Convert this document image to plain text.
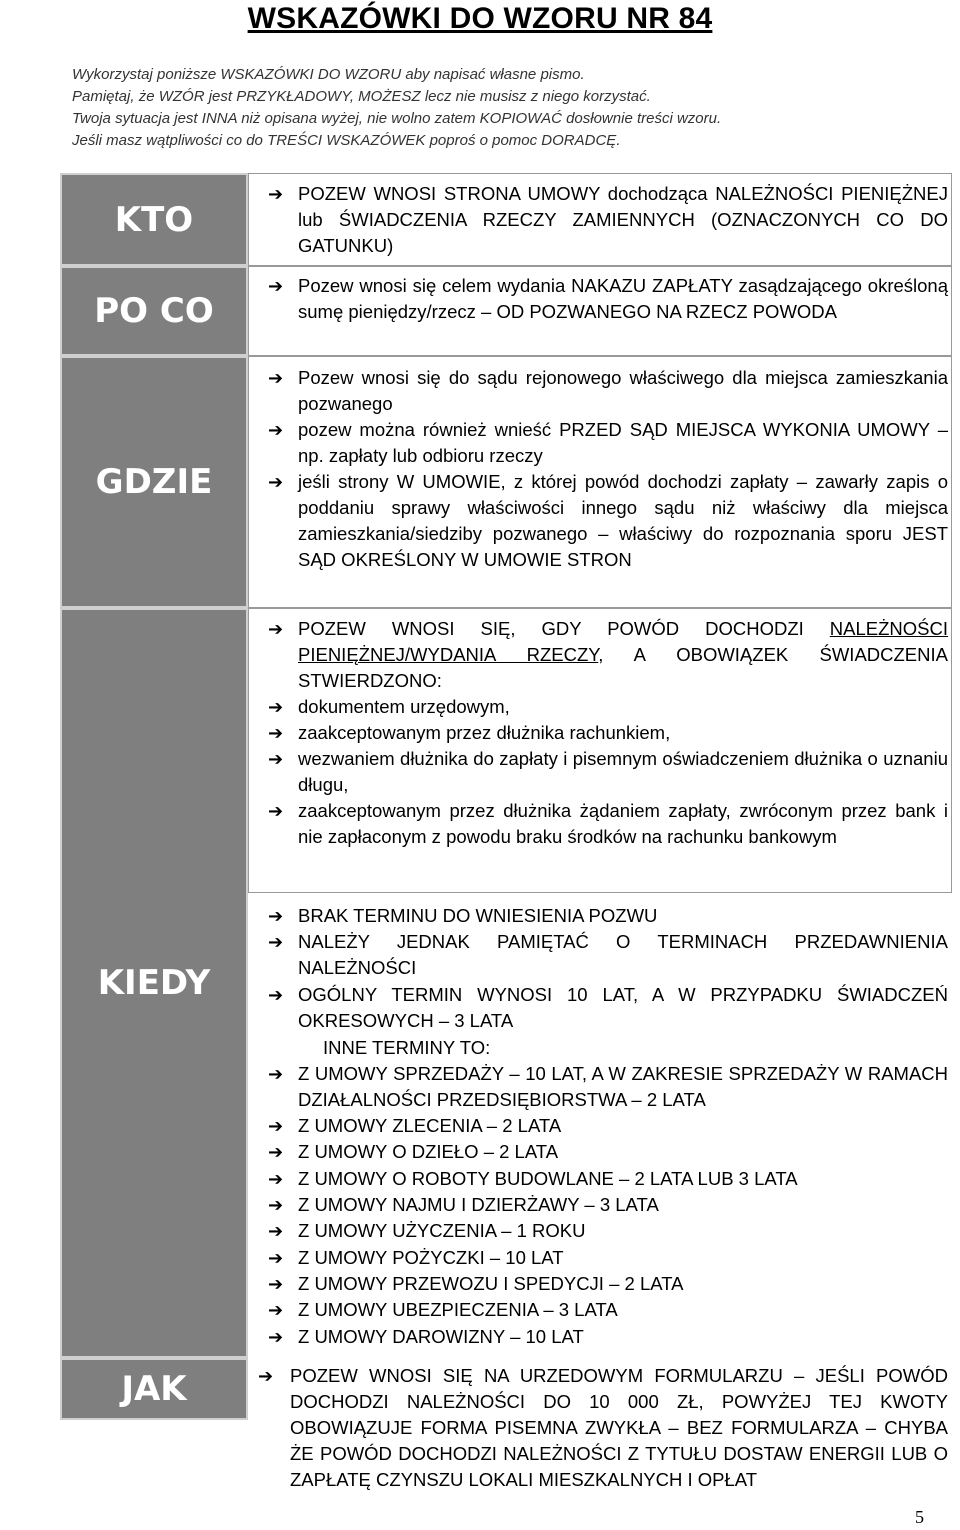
WSKAZÓWKI DO WZORU NR 84
Wykorzystaj poniższe WSKAZÓWKI DO WZORU aby napisać własne pismo.
Pamiętaj, że WZÓR jest PRZYKŁADOWY, MOŻESZ lecz nie musisz z niego korzystać.
Twoja sytuacja jest INNA niż opisana wyżej, nie wolno zatem KOPIOWAĆ dosłownie treści wzoru.
Jeśli masz wątpliwości co do TREŚCI WSKAZÓWEK poproś o pomoc DORADCĘ.
KTO
PO CO
GDZIE
KIEDY
JAK
➔ POZEW WNOSI STRONA UMOWY dochodząca NALEŻNOŚCI PIENIĘŻNEJ lub ŚWIADCZENIA RZECZY ZAMIENNYCH (OZNACZONYCH CO DO GATUNKU)
➔ Pozew wnosi się celem wydania NAKAZU ZAPŁATY zasądzającego określoną sumę pieniędzy/rzecz – OD POZWANEGO NA RZECZ POWODA
➔ Pozew wnosi się do sądu rejonowego właściwego dla miejsca zamieszkania pozwanego
➔ pozew można również wnieść PRZED SĄD MIEJSCA WYKONIA UMOWY – np. zapłaty lub odbioru rzeczy
➔ jeśli strony W UMOWIE, z której powód dochodzi zapłaty – zawarły zapis o poddaniu sprawy właściwości innego sądu niż właściwy dla miejsca zamieszkania/siedziby pozwanego – właściwy do rozpoznania sporu JEST SĄD OKREŚLONY W UMOWIE STRON
➔ POZEW WNOSI SIĘ, GDY POWÓD DOCHODZI NALEŻNOŚCI PIENIĘŻNEJ/WYDANIA RZECZY, A OBOWIĄZEK ŚWIADCZENIA STWIERDZONO:
➔ dokumentem urzędowym,
➔ zaakceptowanym przez dłużnika rachunkiem,
➔ wezwaniem dłużnika do zapłaty i pisemnym oświadczeniem dłużnika o uznaniu długu,
➔ zaakceptowanym przez dłużnika żądaniem zapłaty, zwróconym przez bank i nie zapłaconym z powodu braku środków na rachunku bankowym
➔ BRAK TERMINU DO WNIESIENIA POZWU
➔ NALEŻY JEDNAK PAMIĘTAĆ O TERMINACH PRZEDAWNIENIA NALEŻNOŚCI
➔ OGÓLNY TERMIN WYNOSI 10 LAT, A W PRZYPADKU ŚWIADCZEŃ OKRESOWYCH – 3 LATA
INNE TERMINY TO:
➔ Z UMOWY SPRZEDAŻY – 10 LAT, A W ZAKRESIE SPRZEDAŻY W RAMACH DZIAŁALNOŚCI PRZEDSIĘBIORSTWA – 2 LATA
➔ Z UMOWY ZLECENIA – 2 LATA
➔ Z UMOWY O DZIEŁO – 2 LATA
➔ Z UMOWY O ROBOTY BUDOWLANE – 2 LATA LUB 3 LATA
➔ Z UMOWY NAJMU I DZIERŻAWY – 3 LATA
➔ Z UMOWY UŻYCZENIA – 1 ROKU
➔ Z UMOWY POŻYCZKI – 10 LAT
➔ Z UMOWY PRZEWOZU I SPEDYCJI – 2 LATA
➔ Z UMOWY UBEZPIECZENIA – 3 LATA
➔ Z UMOWY DAROWIZNY – 10 LAT
➔ POZEW WNOSI SIĘ NA URZEDOWYM FORMULARZU – JEŚLI POWÓD DOCHODZI NALEŻNOŚCI DO 10 000 ZŁ, POWYŻEJ TEJ KWOTY OBOWIĄZUJE FORMA PISEMNA ZWYKŁA – BEZ FORMULARZA – CHYBA ŻE POWÓD DOCHODZI NALEŻNOŚCI Z TYTUŁU DOSTAW ENERGII LUB O ZAPŁATĘ CZYNSZU LOKALI MIESZKALNYCH I OPŁAT
5
